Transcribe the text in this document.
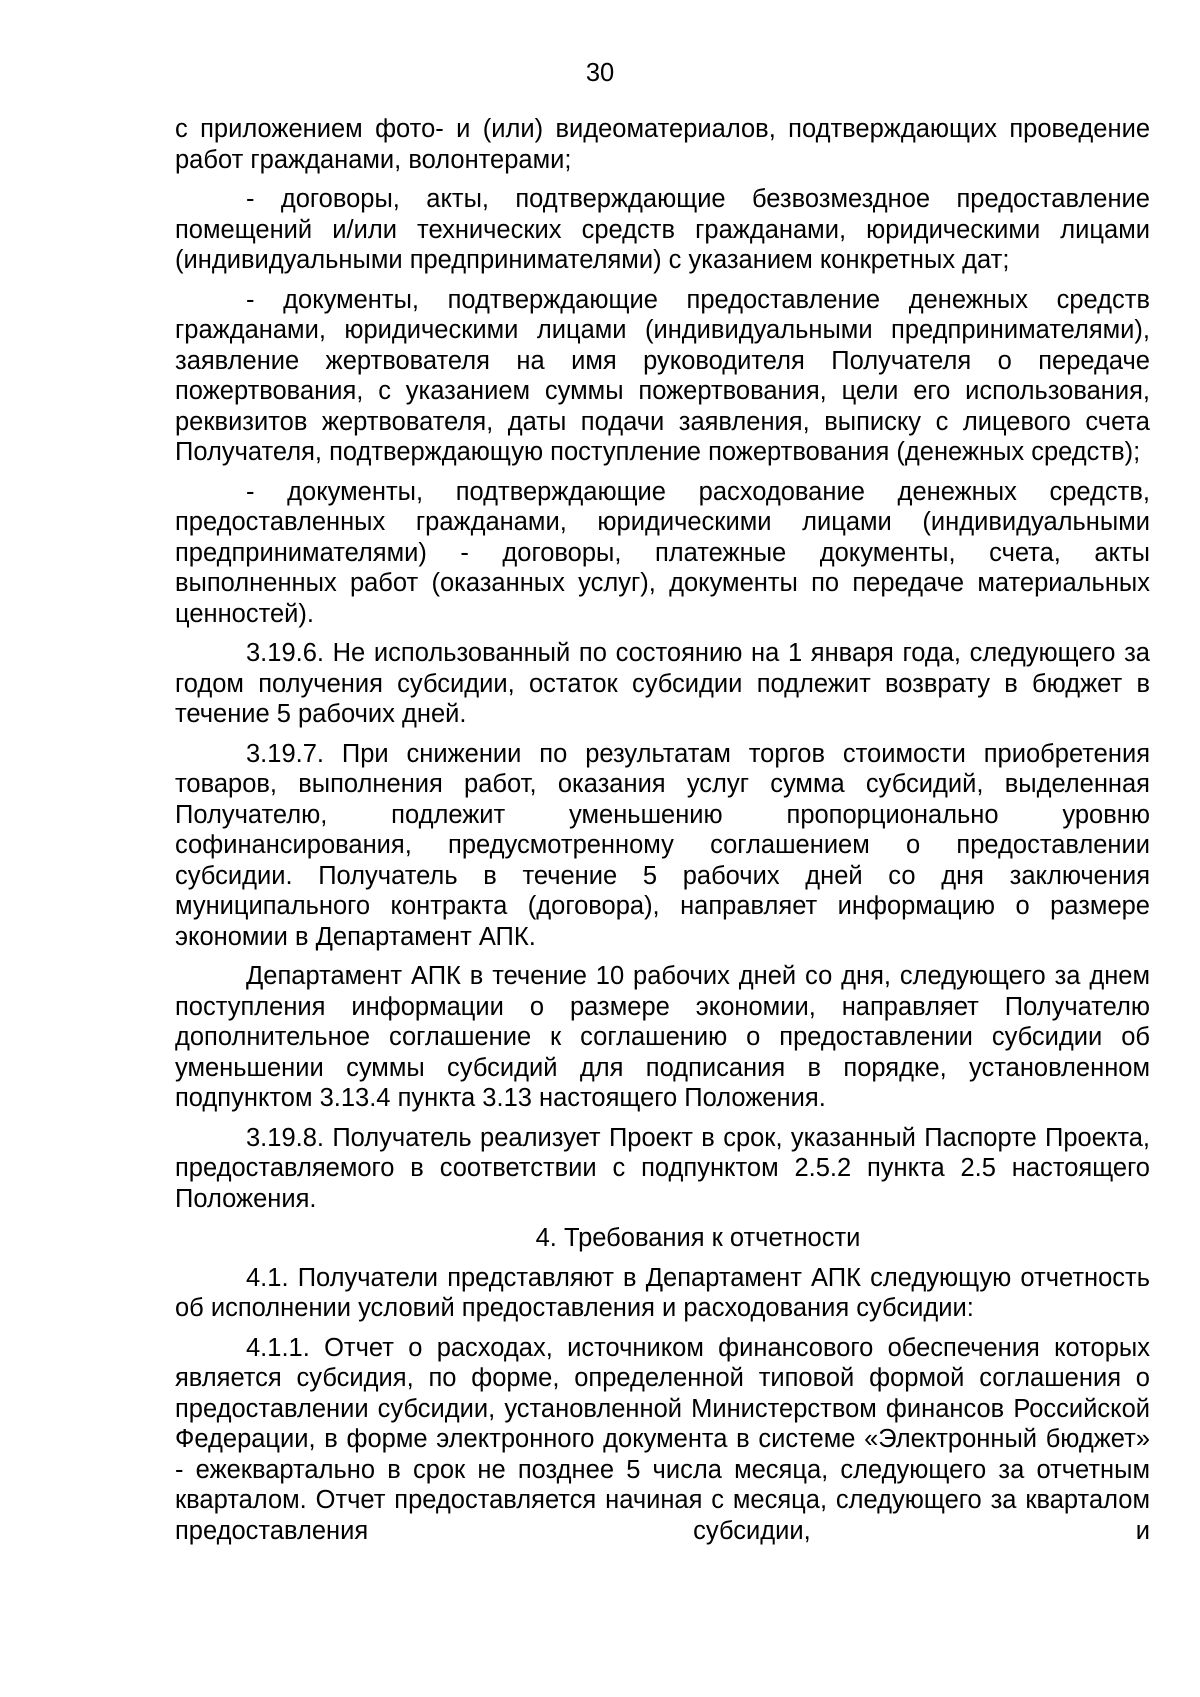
30

с приложением фото- и (или) видеоматериалов, подтверждающих проведение работ гражданами, волонтерами;

- договоры, акты, подтверждающие безвозмездное предоставление помещений и/или технических средств гражданами, юридическими лицами (индивидуальными предпринимателями) с указанием конкретных дат;

- документы, подтверждающие предоставление денежных средств гражданами, юридическими лицами (индивидуальными предпринимателями), заявление жертвователя на имя руководителя Получателя о передаче пожертвования, с указанием суммы пожертвования, цели его использования, реквизитов жертвователя, даты подачи заявления, выписку с лицевого счета Получателя, подтверждающую поступление пожертвования (денежных средств);

- документы, подтверждающие расходование денежных средств, предоставленных гражданами, юридическими лицами (индивидуальными предпринимателями) - договоры, платежные документы, счета, акты выполненных работ (оказанных услуг), документы по передаче материальных ценностей).

3.19.6. Не использованный по состоянию на 1 января года, следующего за годом получения субсидии, остаток субсидии подлежит возврату в бюджет в течение 5 рабочих дней.

3.19.7. При снижении по результатам торгов стоимости приобретения товаров, выполнения работ, оказания услуг сумма субсидий, выделенная Получателю, подлежит уменьшению пропорционально уровню софинансирования, предусмотренному соглашением о предоставлении субсидии. Получатель в течение 5 рабочих дней со дня заключения муниципального контракта (договора), направляет информацию о размере экономии в Департамент АПК.

Департамент АПК в течение 10 рабочих дней со дня, следующего за днем поступления информации о размере экономии, направляет Получателю дополнительное соглашение к соглашению о предоставлении субсидии об уменьшении суммы субсидий для подписания в порядке, установленном подпунктом 3.13.4 пункта 3.13 настоящего Положения.

3.19.8. Получатель реализует Проект в срок, указанный Паспорте Проекта, предоставляемого в соответствии с подпунктом 2.5.2 пункта 2.5 настоящего Положения.

4. Требования к отчетности

4.1. Получатели представляют в Департамент АПК следующую отчетность об исполнении условий предоставления и расходования субсидии:

4.1.1. Отчет о расходах, источником финансового обеспечения которых является субсидия, по форме, определенной типовой формой соглашения о предоставлении субсидии, установленной Министерством финансов Российской Федерации, в форме электронного документа в системе «Электронный бюджет» - ежеквартально в срок не позднее 5 числа месяца, следующего за отчетным кварталом. Отчет предоставляется начиная с месяца, следующего за кварталом предоставления субсидии, и
